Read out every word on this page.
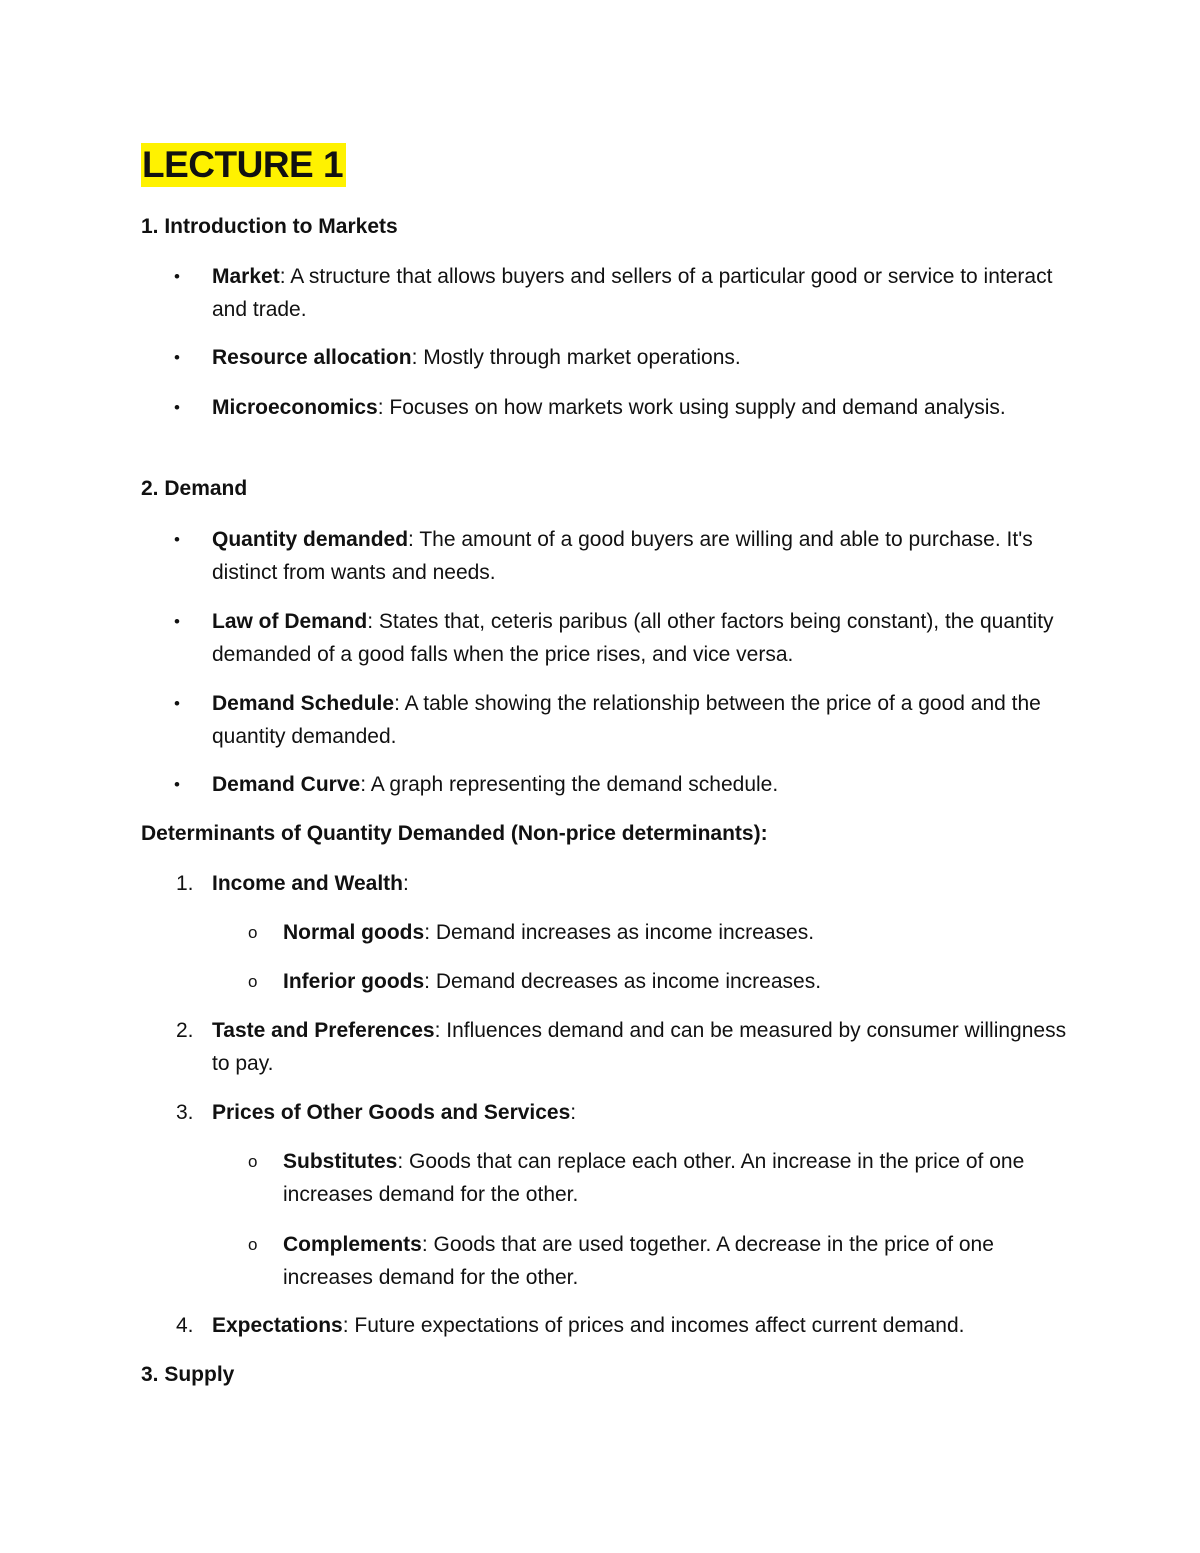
LECTURE 1

1. Introduction to Markets

• Market: A structure that allows buyers and sellers of a particular good or service to interact and trade.

• Resource allocation: Mostly through market operations.

• Microeconomics: Focuses on how markets work using supply and demand analysis.

2. Demand

• Quantity demanded: The amount of a good buyers are willing and able to purchase. It's distinct from wants and needs.

• Law of Demand: States that, ceteris paribus (all other factors being constant), the quantity demanded of a good falls when the price rises, and vice versa.

• Demand Schedule: A table showing the relationship between the price of a good and the quantity demanded.

• Demand Curve: A graph representing the demand schedule.

Determinants of Quantity Demanded (Non-price determinants):

1. Income and Wealth:

o Normal goods: Demand increases as income increases.

o Inferior goods: Demand decreases as income increases.

2. Taste and Preferences: Influences demand and can be measured by consumer willingness to pay.

3. Prices of Other Goods and Services:

o Substitutes: Goods that can replace each other. An increase in the price of one increases demand for the other.

o Complements: Goods that are used together. A decrease in the price of one increases demand for the other.

4. Expectations: Future expectations of prices and incomes affect current demand.

3. Supply
